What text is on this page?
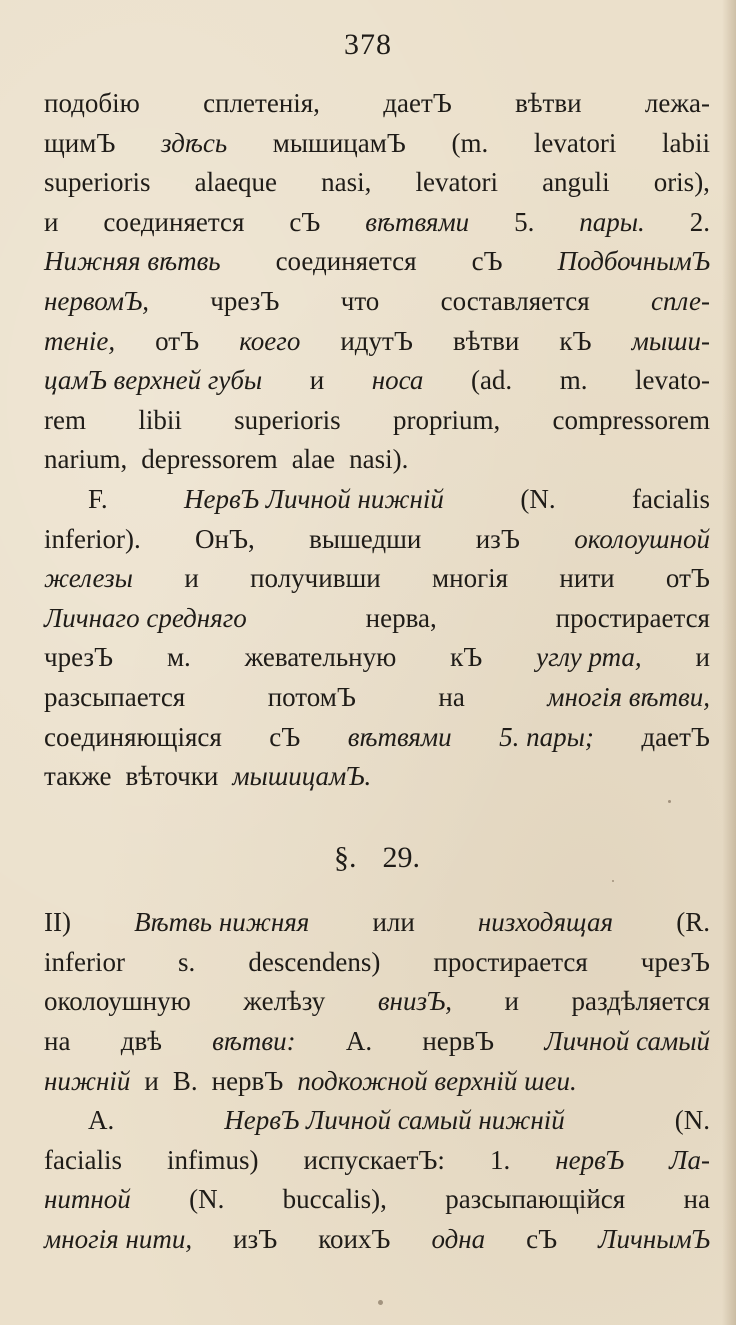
378
подобію сплетенія, даетЪ вѣтви лежа-
щимЪ здѣсь мышицамЪ (m. levatori labii
superioris alaeque nasi, levatori anguli oris),
и соединяется сЪ вѣтвями 5. пары. 2.
Нижняя вѣтвь соединяется сЪ ПодбочнымЪ
нервомЪ, чрезЪ что составляется спле-
теніе, отЪ коего идутЪ вѣтви кЪ мыши-
цамЪ верхней губы и носа (ad. m. levato-
rem libii superioris proprium, compressorem
narium, depressorem alae nasi).
F.	НервЪ Личной нижній	(N.	facialis
inferior). ОнЪ, вышедши изЪ околоушной
железы и получивши многія нити отЪ
Личнаго среднягo	нерва,	простирается
чрезЪ м. жевательную кЪ углу рта, и
разсыпается	потомЪ	на	многія вѣтви,
соединяющіяся сЪ вѣтвями 5. пары; даетЪ
также вѣточки мышицамЪ.
§. 29.
II) Вѣтвь нижняя или низходящая (R.
inferior s. descendens) простирается чрезЪ
околоушную желѣзу внизЪ, и раздѣляется
на двѣ вѣтви: А. нервЪ Личной самый
нижній и В. нервЪ подкожной верхній шеи.
А.	НервЪ Личной самый нижній	(N.
facialis infimus) испускаетЪ: 1. нервЪ Ла-
нитной (N. buccalis), разсыпающійся на
многія нити, изЪ коихЪ одна сЪ ЛичнымЪ
